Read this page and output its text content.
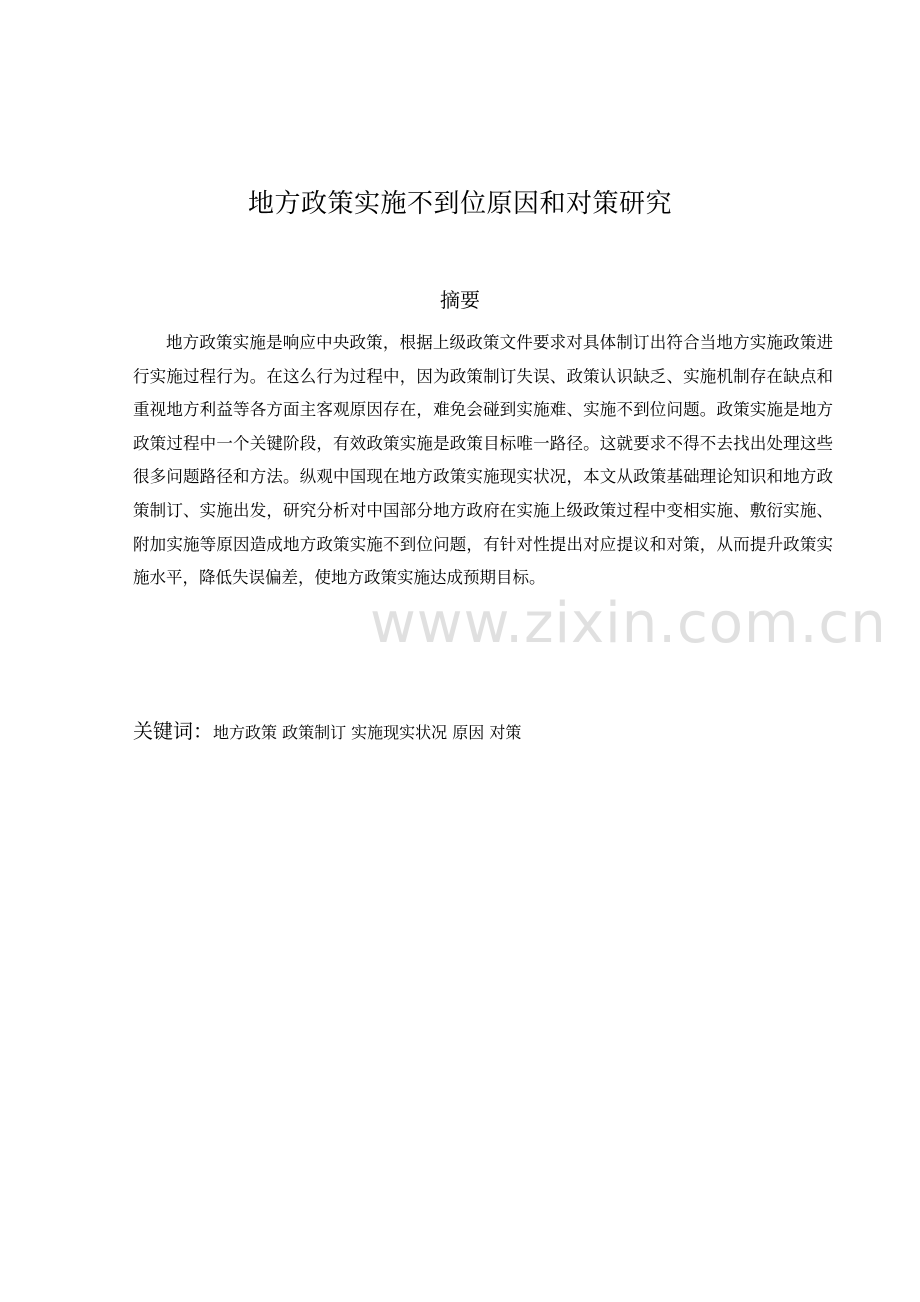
地方政策实施不到位原因和对策研究
摘要

地方政策实施是响应中央政策，根据上级政策文件要求对具体制订出符合当地方实施政策进行实施过程行为。在这么行为过程中，因为政策制订失误、政策认识缺乏、实施机制存在缺点和重视地方利益等各方面主客观原因存在，难免会碰到实施难、实施不到位问题。政策实施是地方政策过程中一个关键阶段，有效政策实施是政策目标唯一路径。这就要求不得不去找出处理这些很多问题路径和方法。纵观中国现在地方政策实施现实状况，本文从政策基础理论知识和地方政策制订、实施出发，研究分析对中国部分地方政府在实施上级政策过程中变相实施、敷衍实施、附加实施等原因造成地方政策实施不到位问题，有针对性提出对应提议和对策，从而提升政策实施水平，降低失误偏差，使地方政策实施达成预期目标。

www.zixin.com.cn
关键词：地方政策 政策制订 实施现实状况 原因 对策
